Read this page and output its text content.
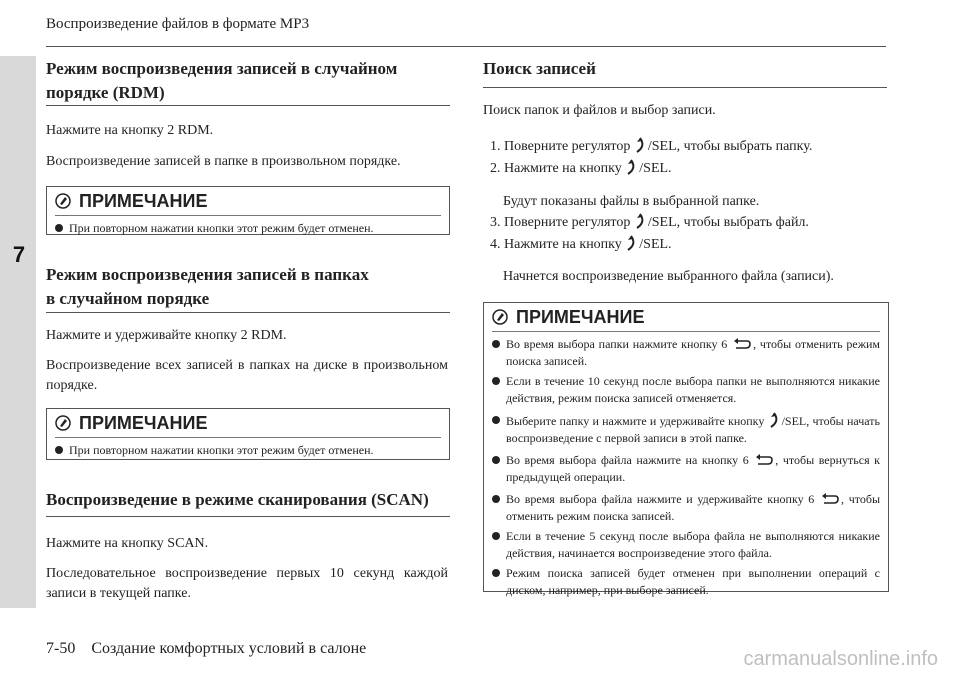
Воспроизведение файлов в формате MP3
7
Режим воспроизведения записей в случайном
порядке (RDM)
Нажмите на кнопку 2 RDM.
Воспроизведение записей в папке в произвольном порядке.
ПРИМЕЧАНИЕ
При повторном нажатии кнопки этот режим будет отменен.
Режим воспроизведения записей в папках
в случайном порядке
Нажмите и удерживайте кнопку 2 RDM.
Воспроизведение всех записей в папках на диске в произвольном порядке.
ПРИМЕЧАНИЕ
При повторном нажатии кнопки этот режим будет отменен.
Воспроизведение в режиме сканирования (SCAN)
Нажмите на кнопку SCAN.
Последовательное воспроизведение первых 10 секунд каждой записи в текущей папке.
Поиск записей
Поиск папок и файлов и выбор записи.
1. Поверните регулятор /SEL, чтобы выбрать папку.
2. Нажмите на кнопку /SEL.
Будут показаны файлы в выбранной папке.
3. Поверните регулятор /SEL, чтобы выбрать файл.
4. Нажмите на кнопку /SEL.
Начнется воспроизведение выбранного файла (записи).
ПРИМЕЧАНИЕ
Во время выбора папки нажмите кнопку 6 , чтобы отменить режим поиска записей.
Если в течение 10 секунд после выбора папки не выполняются никакие действия, режим поиска записей отменяется.
Выберите папку и нажмите и удерживайте кнопку /SEL, чтобы начать воспроизведение с первой записи в этой папке.
Во время выбора файла нажмите на кнопку 6 , чтобы вернуться к предыдущей операции.
Во время выбора файла нажмите и удерживайте кнопку 6 , чтобы отменить режим поиска записей.
Если в течение 5 секунд после выбора файла не выполняются никакие действия, начинается воспроизведение этого файла.
Режим поиска записей будет отменен при выполнении операций с диском, например, при выборе записей.
7-50 Создание комфортных условий в салоне	carmanualsonline.info
